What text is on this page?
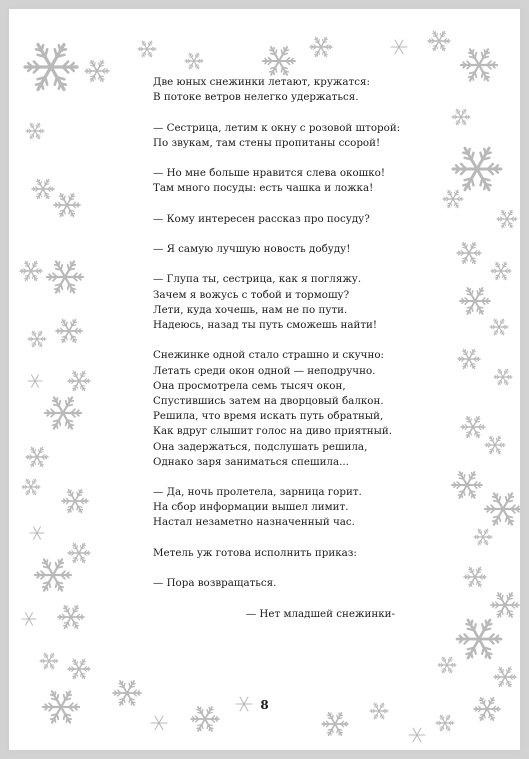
Две юных снежинки летают, кружатся:
В потоке ветров нелегко удержаться.
— Сестрица, летим к окну с розовой шторой:
По звукам, там стены пропитаны ссорой!
— Но мне больше нравится слева окошко!
Там много посуды: есть чашка и ложка!
— Кому интересен рассказ про посуду?
— Я самую лучшую новость добуду!
— Глупа ты, сестрица, как я погляжу.
Зачем я вожусь с тобой и тормошу?
Лети, куда хочешь, нам не по пути.
Надеюсь, назад ты путь сможешь найти!
Снежинке одной стало страшно и скучно:
Летать среди окон одной — неподручно.
Она просмотрела семь тысяч окон,
Спустившись затем на дворцовый балкон.
Решила, что время искать путь обратный,
Как вдруг слышит голос на диво приятный.
Она задержаться, подслушать решила,
Однако заря заниматься спешила...
— Да, ночь пролетела, зарница горит.
На сбор информации вышел лимит.
Настал незаметно назначенный час.
Метель уж готова исполнить приказ:
— Пора возвращаться.
— Нет младшей снежинки-
8
